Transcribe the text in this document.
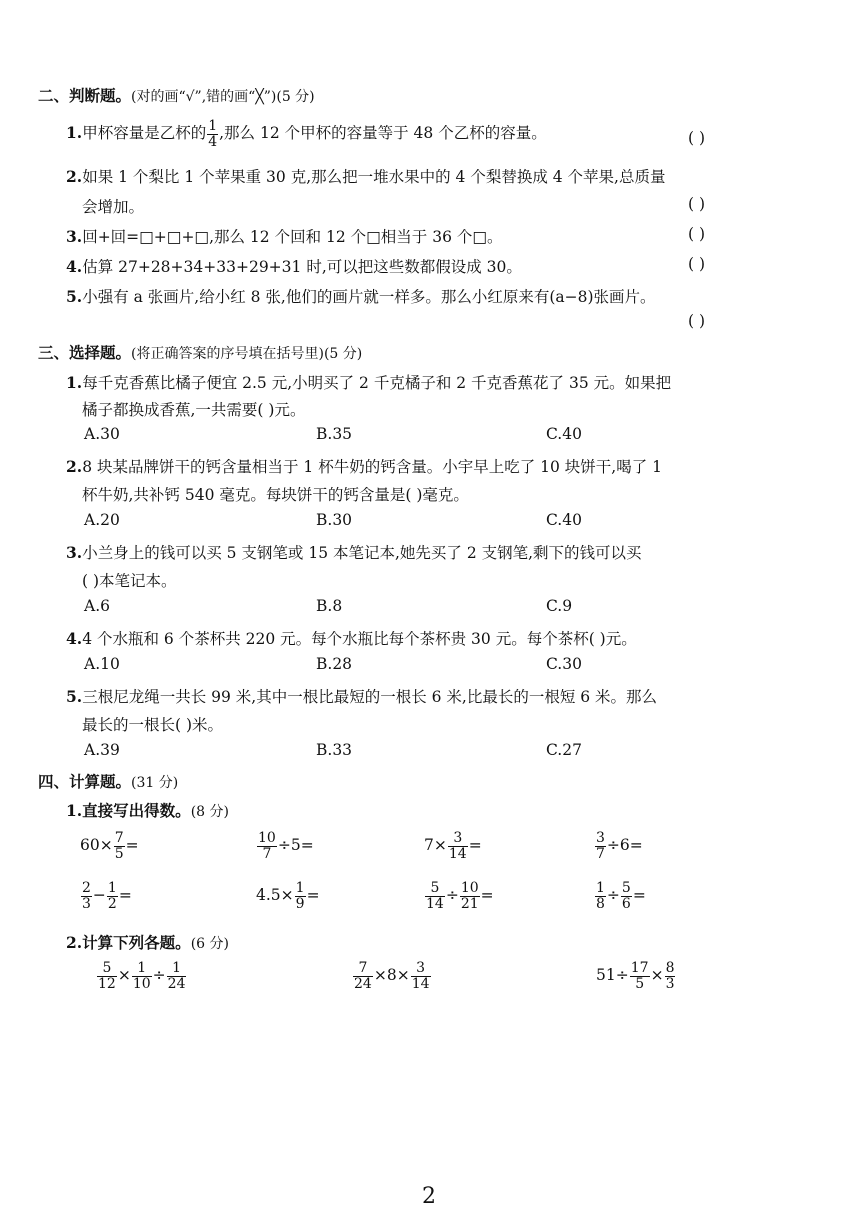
二、判断题。(对的画“√”,错的画“╳”)(5 分)
1.甲杯容量是乙杯的 $\frac{1}{4}$ ,那么 12 个甲杯的容量等于 48 个乙杯的容量。	( )
2.如果 1 个梨比 1 个苹果重 30 克,那么把一堆水果中的 4 个梨替换成 4 个苹果,总质量
会增加。	( )
3.回+回=□+□+□,那么 12 个回和 12 个□相当于 36 个□。	( )
4.估算 27+28+34+33+29+31 时,可以把这些数都假设成 30。	( )
5.小强有 a 张画片,给小红 8 张,他们的画片就一样多。那么小红原来有(a−8)张画片。
( )
三、选择题。(将正确答案的序号填在括号里)(5 分)
1.每千克香蕉比橘子便宜 2.5 元,小明买了 2 千克橘子和 2 千克香蕉花了 35 元。如果把
橘子都换成香蕉,一共需要( )元。
A.30	B.35	C.40
2.8 块某品牌饼干的钙含量相当于 1 杯牛奶的钙含量。小宇早上吃了 10 块饼干,喝了 1
杯牛奶,共补钙 540 毫克。每块饼干的钙含量是( )毫克。
A.20	B.30	C.40
3.小兰身上的钱可以买 5 支钢笔或 15 本笔记本,她先买了 2 支钢笔,剩下的钱可以买
( )本笔记本。
A.6	B.8	C.9
4.4 个水瓶和 6 个茶杯共 220 元。每个水瓶比每个茶杯贵 30 元。每个茶杯( )元。
A.10	B.28	C.30
5.三根尼龙绳一共长 99 米,其中一根比最短的一根长 6 米,比最长的一根短 6 米。那么
最长的一根长( )米。
A.39	B.33	C.27
四、计算题。(31 分)
1.直接写出得数。(8 分)
$60\times \frac{7}{5}$ =	$\frac{10}{7} \div 5=$	$7\times \frac{3}{14}$ =	$\frac{3}{7} \div 6=$
$\frac{2}{3} - \frac{1}{2}$ =	$4.5\times \frac{1}{9}$ =	$\frac{5}{14} \div \frac{10}{21}$ =	$\frac{1}{8} \div \frac{5}{6}$ =
2.计算下列各题。(6 分)
$\frac{5}{12} \times \frac{1}{10} \div \frac{1}{24}$	$\frac{7}{24} \times 8\times \frac{3}{14}$	$51\div \frac{17}{5} \times \frac{8}{3}$
2
